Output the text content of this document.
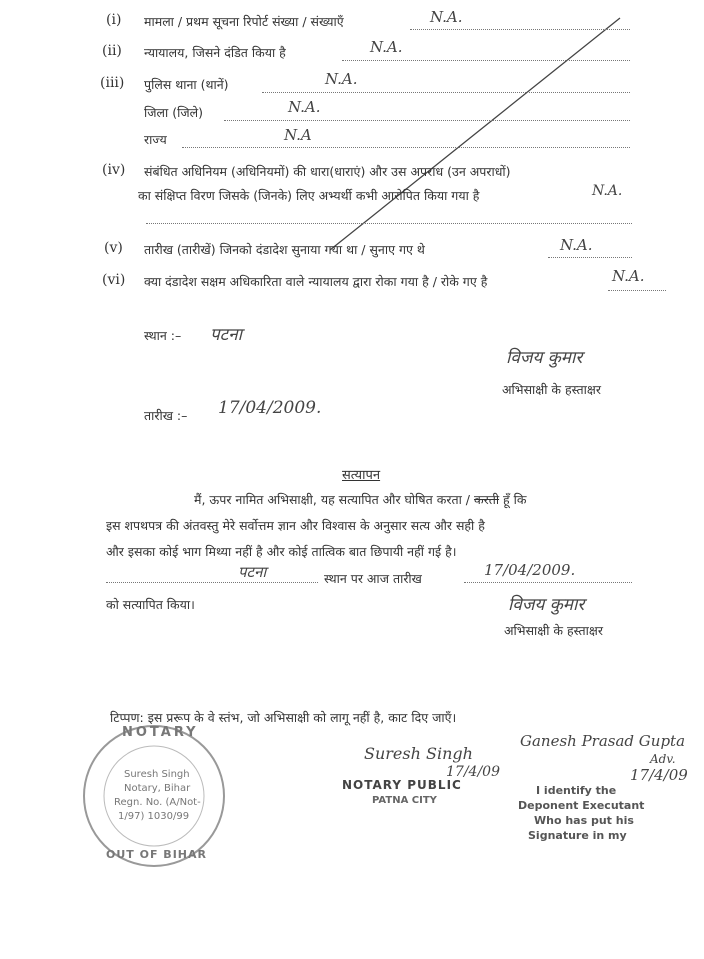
(i) मामला / प्रथम सूचना रिपोर्ट संख्या / संख्याएँ	N.A.
(ii) न्यायालय, जिसने दंडित किया है	N.A.
(iii) पुलिस थाना (थानें)	N.A.
जिला (जिले)	N.A.
राज्य	N.A
(iv) संबंधित अधिनियम (अधिनियमों) की धारा(धाराएं) और उस अपराध (उन अपराधों)
का संक्षिप्त विरण जिसके (जिनके) लिए अभ्यर्थी कभी आरोपित किया गया है	N.A.
(v) तारीख (तारीखें) जिनको दंडादेश सुनाया गया था / सुनाए गए थे	N.A.
(vi) क्या दंडादेश सक्षम अधिकारिता वाले न्यायालय द्वारा रोका गया है / रोके गए है	N.A.
स्थान :– पटना
विजय कुमार
अभिसाक्षी के हस्ताक्षर
तारीख :– 17/04/2009.
सत्यापन
मैं, ऊपर नामित अभिसाक्षी, यह सत्यापित और घोषित करता / करती हूँ कि
इस शपथपत्र की अंतवस्तु मेरे सर्वोत्तम ज्ञान और विश्वास के अनुसार सत्य और सही है
और इसका कोई भाग मिथ्या नहीं है और कोई तात्विक बात छिपायी नहीं गई है।
पटना	स्थान पर आज तारीख	17/04/2009.
को सत्यापित किया।	विजय कुमार
अभिसाक्षी के हस्ताक्षर
टिप्पण: इस प्ररूप के वे स्तंभ, जो अभिसाक्षी को लागू नहीं है, काट दिए जाएँ।
NOTARY
OUT OF BIHAR
Suresh Singh
Notary, Bihar
Regn. No. (A/Not-
1/97) 1030/99
Suresh Singh
17/4/09
NOTARY PUBLIC
PATNA CITY
Ganesh Prasad Gupta
Adv.
17/4/09
I identify the
Deponent Executant
Who has put his
Signature in my
